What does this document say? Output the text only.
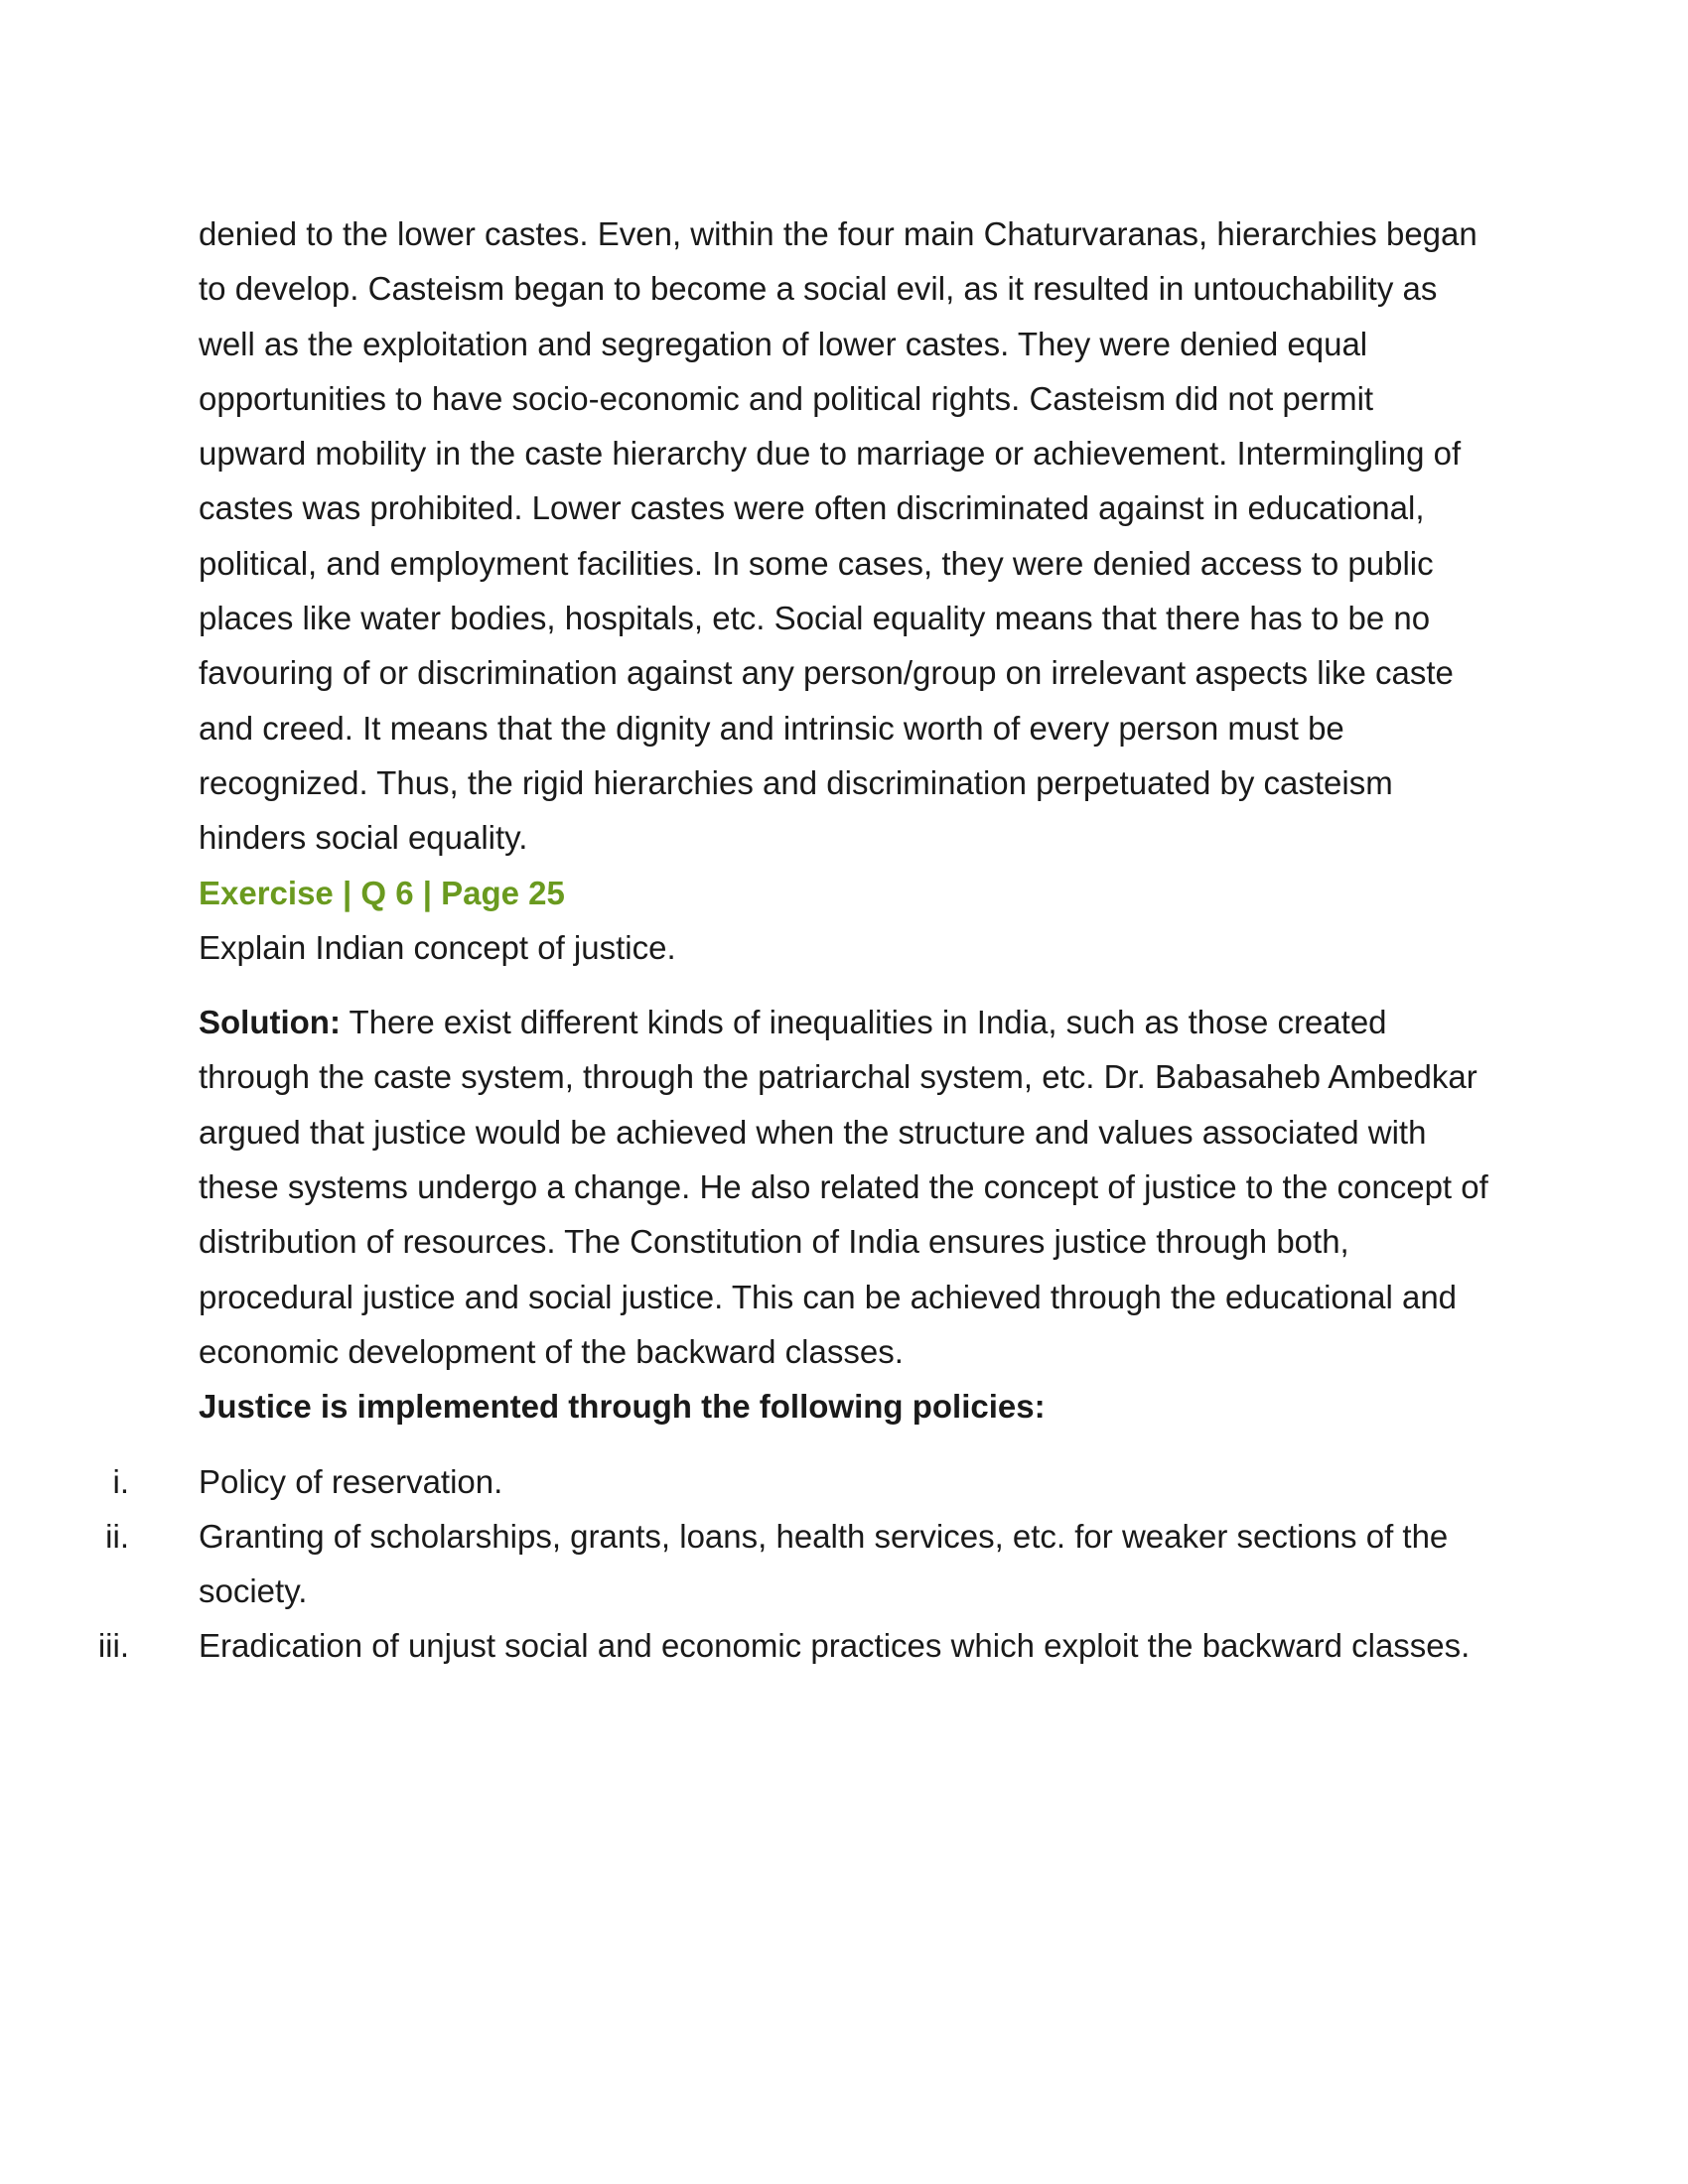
denied to the lower castes. Even, within the four main Chaturvaranas, hierarchies began to develop. Casteism began to become a social evil, as it resulted in untouchability as well as the exploitation and segregation of lower castes. They were denied equal opportunities to have socio-economic and political rights. Casteism did not permit upward mobility in the caste hierarchy due to marriage or achievement. Intermingling of castes was prohibited. Lower castes were often discriminated against in educational, political, and employment facilities. In some cases, they were denied access to public places like water bodies, hospitals, etc. Social equality means that there has to be no favouring of or discrimination against any person/group on irrelevant aspects like caste and creed. It means that the dignity and intrinsic worth of every person must be recognized. Thus, the rigid hierarchies and discrimination perpetuated by casteism hinders social equality.

Exercise | Q 6 | Page 25

Explain Indian concept of justice.

Solution: There exist different kinds of inequalities in India, such as those created through the caste system, through the patriarchal system, etc. Dr. Babasaheb Ambedkar argued that justice would be achieved when the structure and values associated with these systems undergo a change. He also related the concept of justice to the concept of distribution of resources. The Constitution of India ensures justice through both, procedural justice and social justice. This can be achieved through the educational and economic development of the backward classes.

Justice is implemented through the following policies:

i. Policy of reservation.
ii. Granting of scholarships, grants, loans, health services, etc. for weaker sections of the society.
iii. Eradication of unjust social and economic practices which exploit the backward classes.
